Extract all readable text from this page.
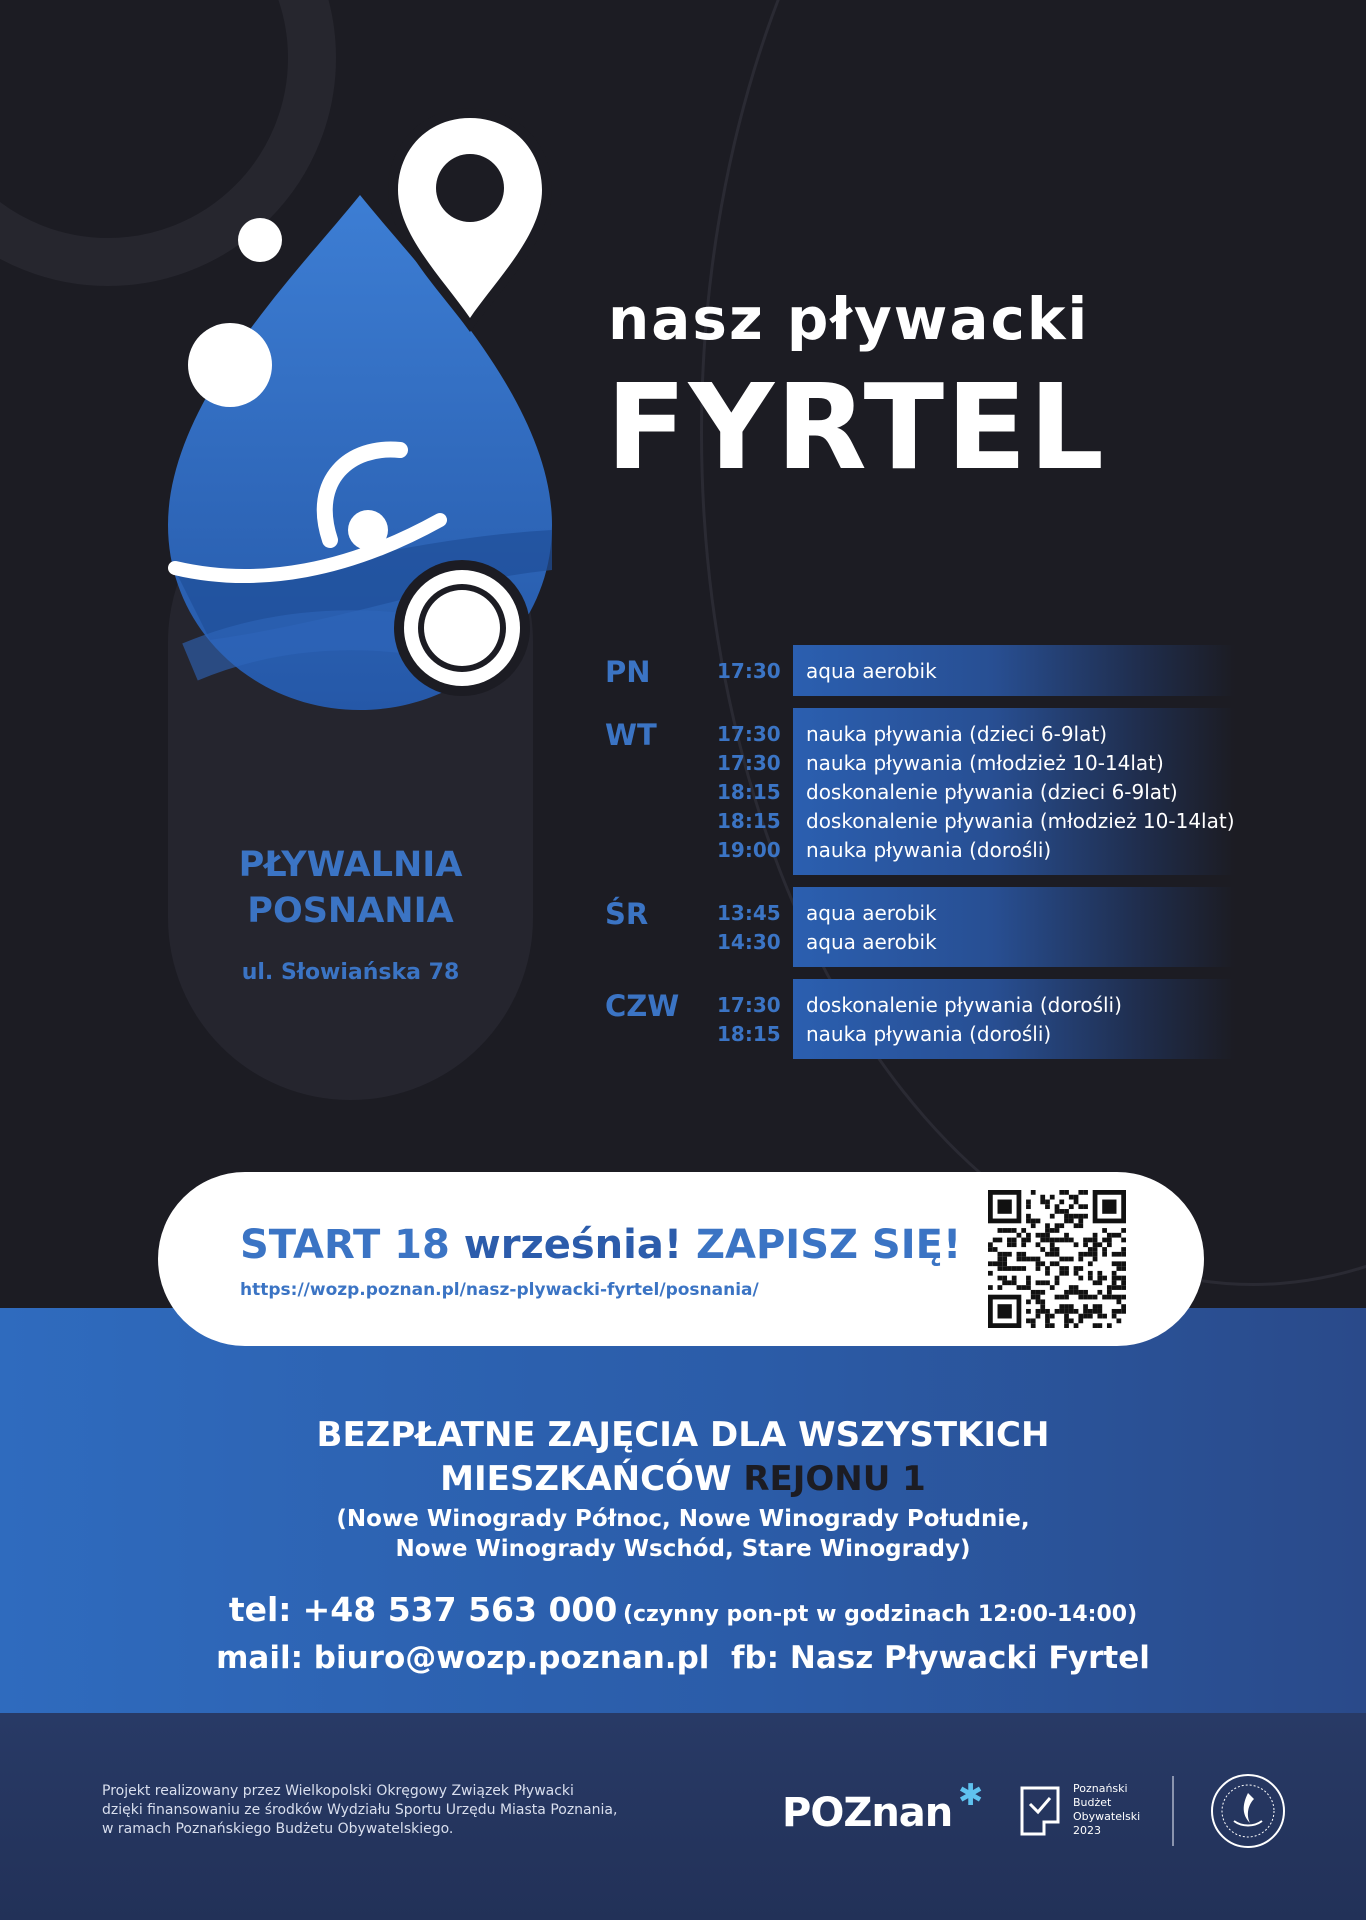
nasz pływacki
FYRTEL
PŁYWALNIA
POSNANIA
ul. Słowiańska 78
PN	17:30 aqua aerobik
WT	17:30 nauka pływania (dzieci 6-9lat)
17:30 nauka pływania (młodzież 10-14lat)
18:15 doskonalenie pływania (dzieci 6-9lat)
18:15 doskonalenie pływania (młodzież 10-14lat)
19:00 nauka pływania (dorośli)
ŚR	13:45 aqua aerobik
14:30 aqua aerobik
CZW	17:30 doskonalenie pływania (dorośli)
18:15 nauka pływania (dorośli)
START 18 września! ZAPISZ SIĘ!
https://wozp.poznan.pl/nasz-plywacki-fyrtel/posnania/
BEZPŁATNE ZAJĘCIA DLA WSZYSTKICH
MIESZKAŃCÓW REJONU 1
(Nowe Winogrady Północ, Nowe Winogrady Południe,
Nowe Winogrady Wschód, Stare Winogrady)
tel: +48 537 563 000 (czynny pon-pt w godzinach 12:00-14:00)
mail: biuro@wozp.poznan.pl fb: Nasz Pływacki Fyrtel
Projekt realizowany przez Wielkopolski Okręgowy Związek Pływacki
dzięki finansowaniu ze środków Wydziału Sportu Urzędu Miasta Poznania,
w ramach Poznańskiego Budżetu Obywatelskiego.	POZnan ✱	Poznański
Budżet
Obywatelski
2023
